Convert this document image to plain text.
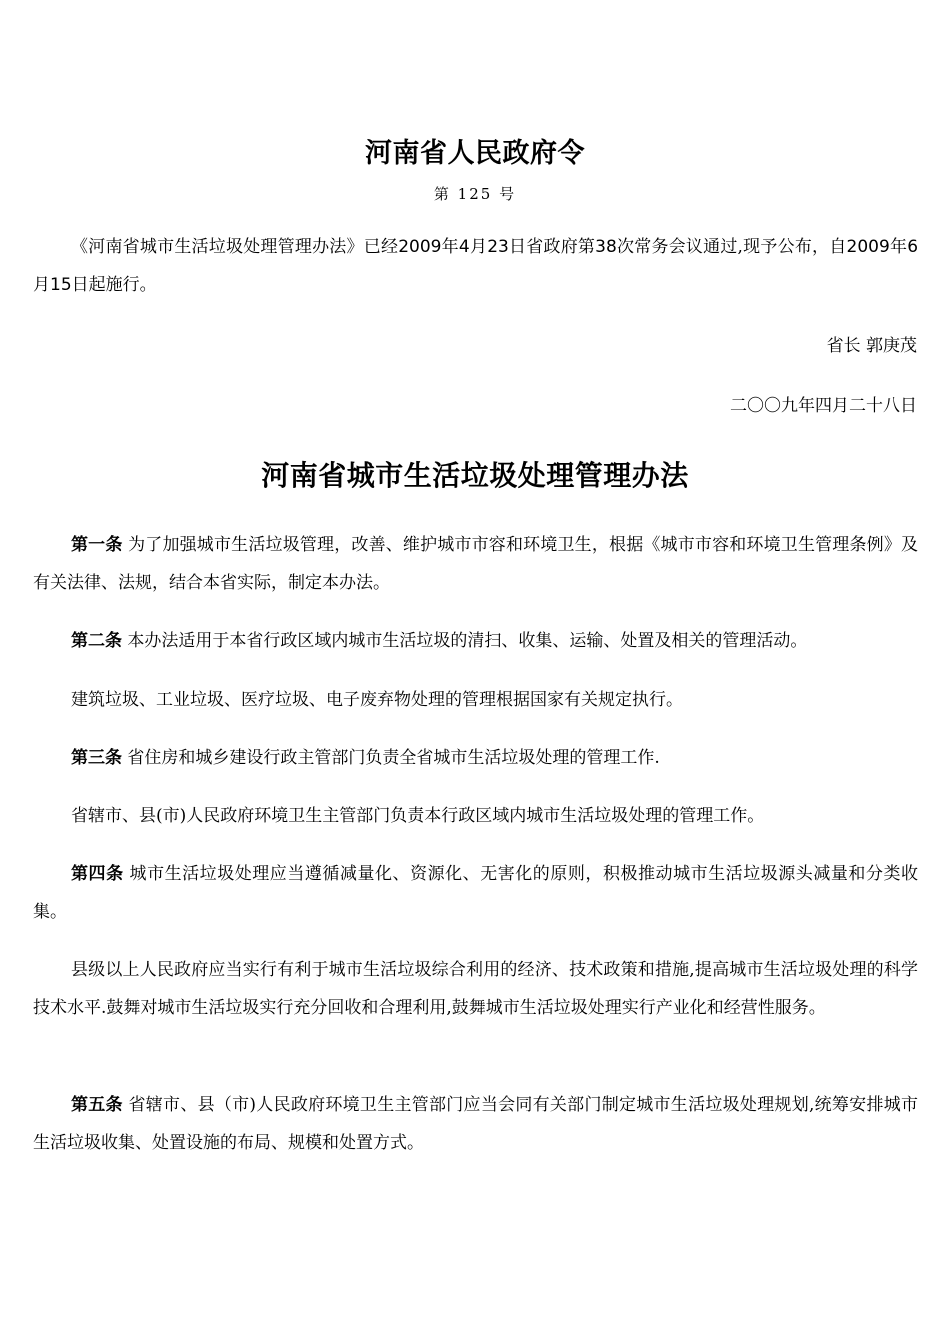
河南省人民政府令
第 125 号
《河南省城市生活垃圾处理管理办法》已经2009年4月23日省政府第38次常务会议通过,现予公布，自2009年6月15日起施行。
省长 郭庚茂
二〇〇九年四月二十八日
河南省城市生活垃圾处理管理办法
第一条 为了加强城市生活垃圾管理，改善、维护城市市容和环境卫生，根据《城市市容和环境卫生管理条例》及有关法律、法规，结合本省实际，制定本办法。
第二条 本办法适用于本省行政区域内城市生活垃圾的清扫、收集、运输、处置及相关的管理活动。
建筑垃圾、工业垃圾、医疗垃圾、电子废弃物处理的管理根据国家有关规定执行。
第三条 省住房和城乡建设行政主管部门负责全省城市生活垃圾处理的管理工作.
省辖市、县(市)人民政府环境卫生主管部门负责本行政区域内城市生活垃圾处理的管理工作。
第四条 城市生活垃圾处理应当遵循减量化、资源化、无害化的原则，积极推动城市生活垃圾源头减量和分类收集。
县级以上人民政府应当实行有利于城市生活垃圾综合利用的经济、技术政策和措施,提高城市生活垃圾处理的科学技术水平.鼓舞对城市生活垃圾实行充分回收和合理利用,鼓舞城市生活垃圾处理实行产业化和经营性服务。
第五条 省辖市、县（市)人民政府环境卫生主管部门应当会同有关部门制定城市生活垃圾处理规划,统筹安排城市生活垃圾收集、处置设施的布局、规模和处置方式。
